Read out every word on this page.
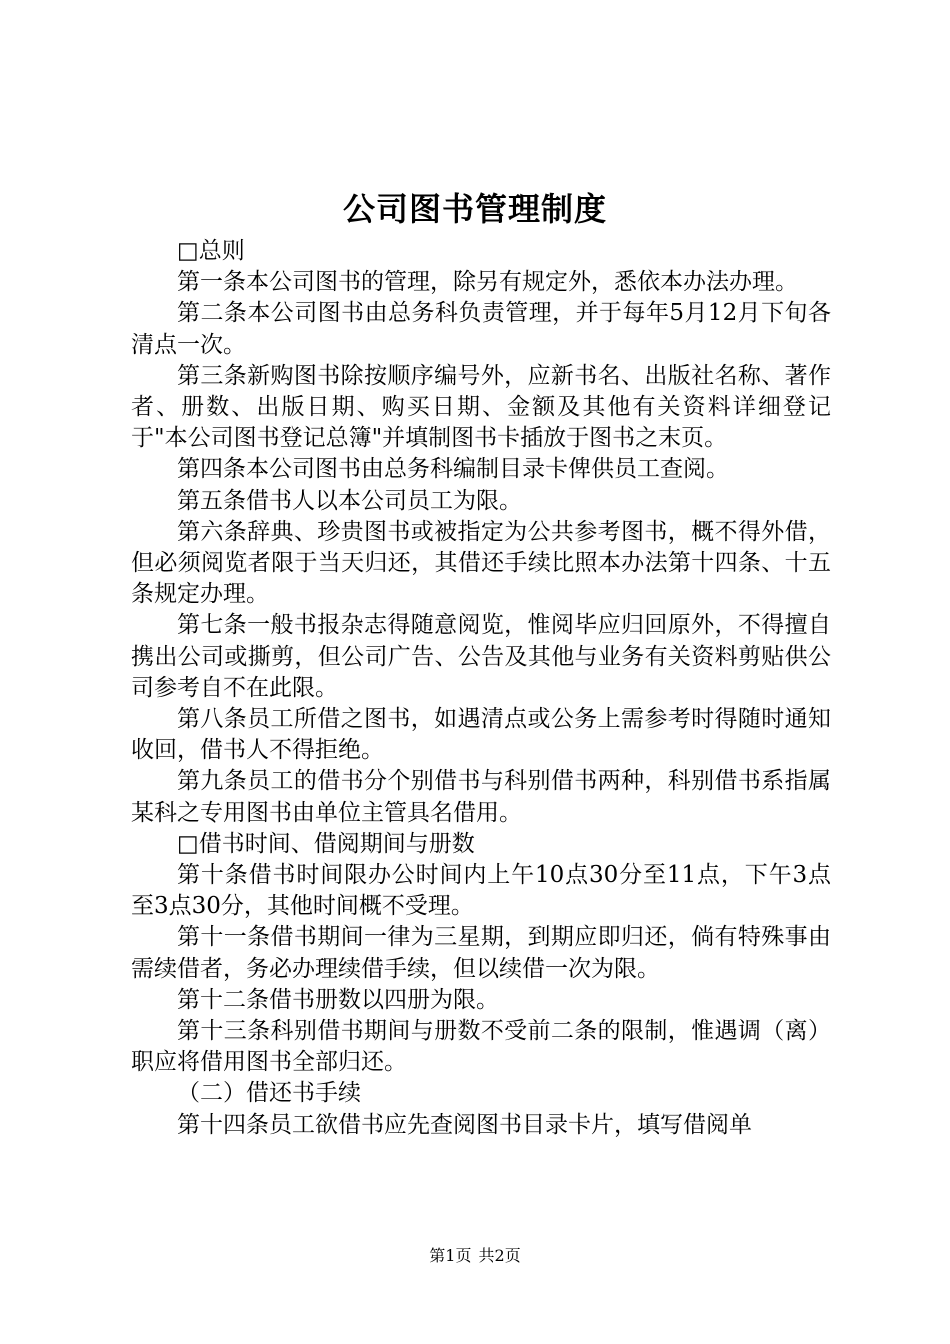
公司图书管理制度

□总则

第一条本公司图书的管理，除另有规定外，悉依本办法办理。

第二条本公司图书由总务科负责管理，并于每年5月12月下旬各清点一次。

第三条新购图书除按顺序编号外，应新书名、出版社名称、著作者、册数、出版日期、购买日期、金额及其他有关资料详细登记于"本公司图书登记总簿"并填制图书卡插放于图书之末页。

第四条本公司图书由总务科编制目录卡俾供员工查阅。

第五条借书人以本公司员工为限。

第六条辞典、珍贵图书或被指定为公共参考图书，概不得外借，但必须阅览者限于当天归还，其借还手续比照本办法第十四条、十五条规定办理。

第七条一般书报杂志得随意阅览，惟阅毕应归回原外，不得擅自携出公司或撕剪，但公司广告、公告及其他与业务有关资料剪贴供公司参考自不在此限。

第八条员工所借之图书，如遇清点或公务上需参考时得随时通知收回，借书人不得拒绝。

第九条员工的借书分个别借书与科别借书两种，科别借书系指属某科之专用图书由单位主管具名借用。

□借书时间、借阅期间与册数

第十条借书时间限办公时间内上午10点30分至11点，下午3点至3点30分，其他时间概不受理。

第十一条借书期间一律为三星期，到期应即归还，倘有特殊事由需续借者，务必办理续借手续，但以续借一次为限。

第十二条借书册数以四册为限。

第十三条科别借书期间与册数不受前二条的限制，惟遇调（离）职应将借用图书全部归还。

（二）借还书手续

第十四条员工欲借书应先查阅图书目录卡片，填写借阅单

第1页 共2页
